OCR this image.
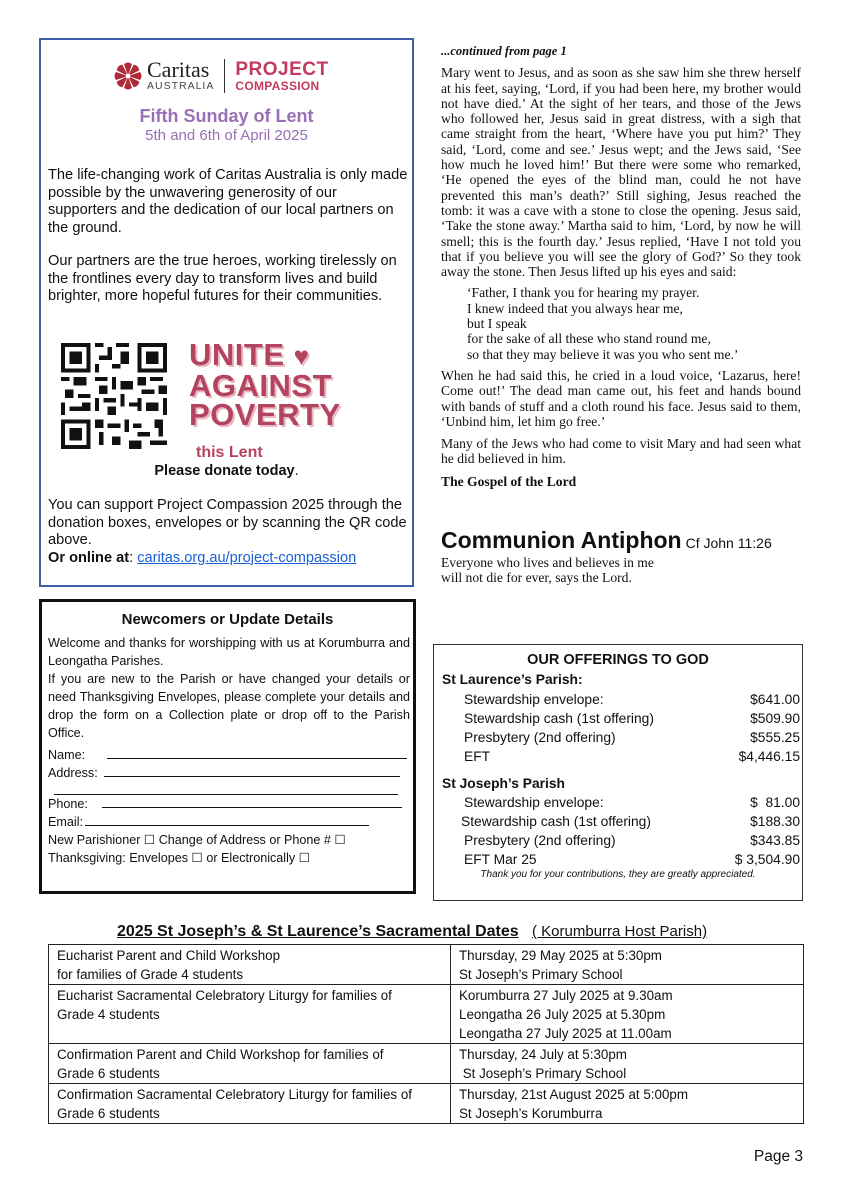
Caritas
AUSTRALIA
PROJECT
COMPASSION
Fifth Sunday of Lent
5th and 6th of April 2025

The life-changing work of Caritas Australia is only made possible by the unwavering generosity of our supporters and the dedication of our local partners on the ground.

Our partners are the true heroes, working tirelessly on the frontlines every day to transform lives and build brighter, more hopeful futures for their communities.

UNITE ♥
AGAINST
POVERTY
this Lent
Please donate today.

You can support Project Compassion 2025 through the donation boxes, envelopes or by scanning the QR code above.

Or online at: caritas.org.au/project-compassion

...continued from page 1

Mary went to Jesus, and as soon as she saw him she threw herself at his feet, saying, ‘Lord, if you had been here, my brother would not have died.’ At the sight of her tears, and those of the Jews who followed her, Jesus said in great distress, with a sigh that came straight from the heart, ‘Where have you put him?’ They said, ‘Lord, come and see.’ Jesus wept; and the Jews said, ‘See how much he loved him!’ But there were some who remarked, ‘He opened the eyes of the blind man, could he not have prevented this man’s death?’ Still sighing, Jesus reached the tomb: it was a cave with a stone to close the opening. Jesus said, ‘Take the stone away.’ Martha said to him, ‘Lord, by now he will smell; this is the fourth day.’ Jesus replied, ‘Have I not told you that if you believe you will see the glory of God?’ So they took away the stone. Then Jesus lifted up his eyes and said:

‘Father, I thank you for hearing my prayer.
I knew indeed that you always hear me,
but I speak
for the sake of all these who stand round me,
so that they may believe it was you who sent me.’

When he had said this, he cried in a loud voice, ‘Lazarus, here! Come out!’ The dead man came out, his feet and hands bound with bands of stuff and a cloth round his face. Jesus said to them, ‘Unbind him, let him go free.’

Many of the Jews who had come to visit Mary and had seen what he did believed in him.

The Gospel of the Lord

Communion Antiphon Cf John 11:26
Everyone who lives and believes in me
will not die for ever, says the Lord.
Newcomers or Update Details

Welcome and thanks for worshipping with us at Korumburra and Leongatha Parishes.

If you are new to the Parish or have changed your details or need Thanksgiving Envelopes, please complete your details and drop the form on a Collection plate or drop off to the Parish Office.

Name:
Address:
Phone:
Email:
New Parishioner
☐
Change of Address or Phone #
☐
Thanksgiving: Envelopes
☐
or Electronically
☐
OUR OFFERINGS TO GOD
St Laurence’s Parish:
Stewardship envelope:	$641.00
Stewardship cash (1st offering)	$509.90
Presbytery (2nd offering)	$555.25
EFT	$4,446.15
St Joseph’s Parish
Stewardship envelope:	$  81.00
Stewardship cash (1st offering)	$188.30
Presbytery (2nd offering)	$343.85
EFT Mar 25	$ 3,504.90
Thank you for your contributions, they are greatly appreciated.
2025 St Joseph’s & St Laurence’s Sacramental Dates ( Korumburra Host Parish)
Eucharist Parent and Child Workshop
for families of Grade 4 students	Thursday, 29 May 2025 at 5:30pm
St Joseph’s Primary School
Eucharist Sacramental Celebratory Liturgy for families of
Grade 4 students	Korumburra 27 July 2025 at 9.30am
Leongatha 26 July 2025 at 5.30pm
Leongatha 27 July 2025 at 11.00am
Confirmation Parent and Child Workshop for families of
Grade 6 students	Thursday, 24 July at 5:30pm
St Joseph’s Primary School
Confirmation Sacramental Celebratory Liturgy for families of
Grade 6 students	Thursday, 21st August 2025 at 5:00pm
St Joseph’s Korumburra
Page 3
